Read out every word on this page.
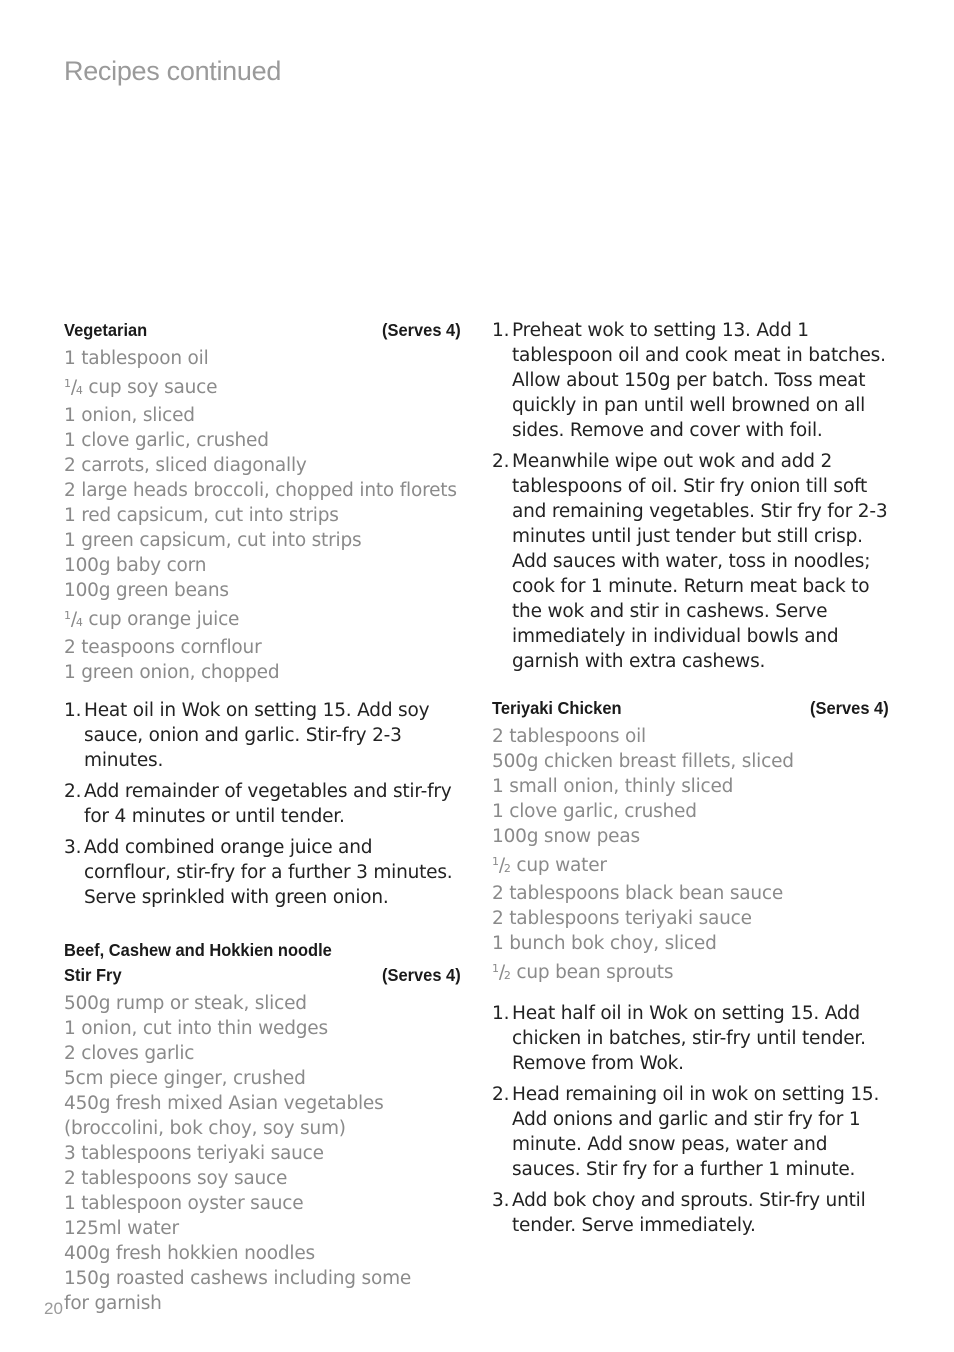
Recipes continued
Vegetarian	(Serves 4)
1 tablespoon oil
$^1$/4 cup soy sauce
1 onion, sliced
1 clove garlic, crushed
2 carrots, sliced diagonally
2 large heads broccoli, chopped into florets
1 red capsicum, cut into strips
1 green capsicum, cut into strips
100g baby corn
100g green beans
$^1$/4 cup orange juice
2 teaspoons cornflour
1 green onion, chopped
1. Heat oil in Wok on setting 15. Add soy sauce, onion and garlic. Stir-fry 2-3 minutes.
2. Add remainder of vegetables and stir-fry for 4 minutes or until tender.
3. Add combined orange juice and cornflour, stir-fry for a further 3 minutes. Serve sprinkled with green onion.
Beef, Cashew and Hokkien noodle
Stir Fry	(Serves 4)
500g rump or steak, sliced
1 onion, cut into thin wedges
2 cloves garlic
5cm piece ginger, crushed
450g fresh mixed Asian vegetables (broccolini, bok choy, soy sum)
3 tablespoons teriyaki sauce
2 tablespoons soy sauce
1 tablespoon oyster sauce
125ml water
400g fresh hokkien noodles
150g roasted cashews including some for garnish
1. Preheat wok to setting 13. Add 1 tablespoon oil and cook meat in batches. Allow about 150g per batch. Toss meat quickly in pan until well browned on all sides. Remove and cover with foil.
2. Meanwhile wipe out wok and add 2 tablespoons of oil. Stir fry onion till soft and remaining vegetables. Stir fry for 2-3 minutes until just tender but still crisp. Add sauces with water, toss in noodles; cook for 1 minute. Return meat back to the wok and stir in cashews. Serve immediately in individual bowls and garnish with extra cashews.
Teriyaki Chicken	(Serves 4)
2 tablespoons oil
500g chicken breast fillets, sliced
1 small onion, thinly sliced
1 clove garlic, crushed
100g snow peas
$^1$/2 cup water
2 tablespoons black bean sauce
2 tablespoons teriyaki sauce
1 bunch bok choy, sliced
$^1$/2 cup bean sprouts
1. Heat half oil in Wok on setting 15. Add chicken in batches, stir-fry until tender. Remove from Wok.
2. Head remaining oil in wok on setting 15. Add onions and garlic and stir fry for 1 minute. Add snow peas, water and sauces. Stir fry for a further 1 minute.
3. Add bok choy and sprouts. Stir-fry until tender. Serve immediately.
20
